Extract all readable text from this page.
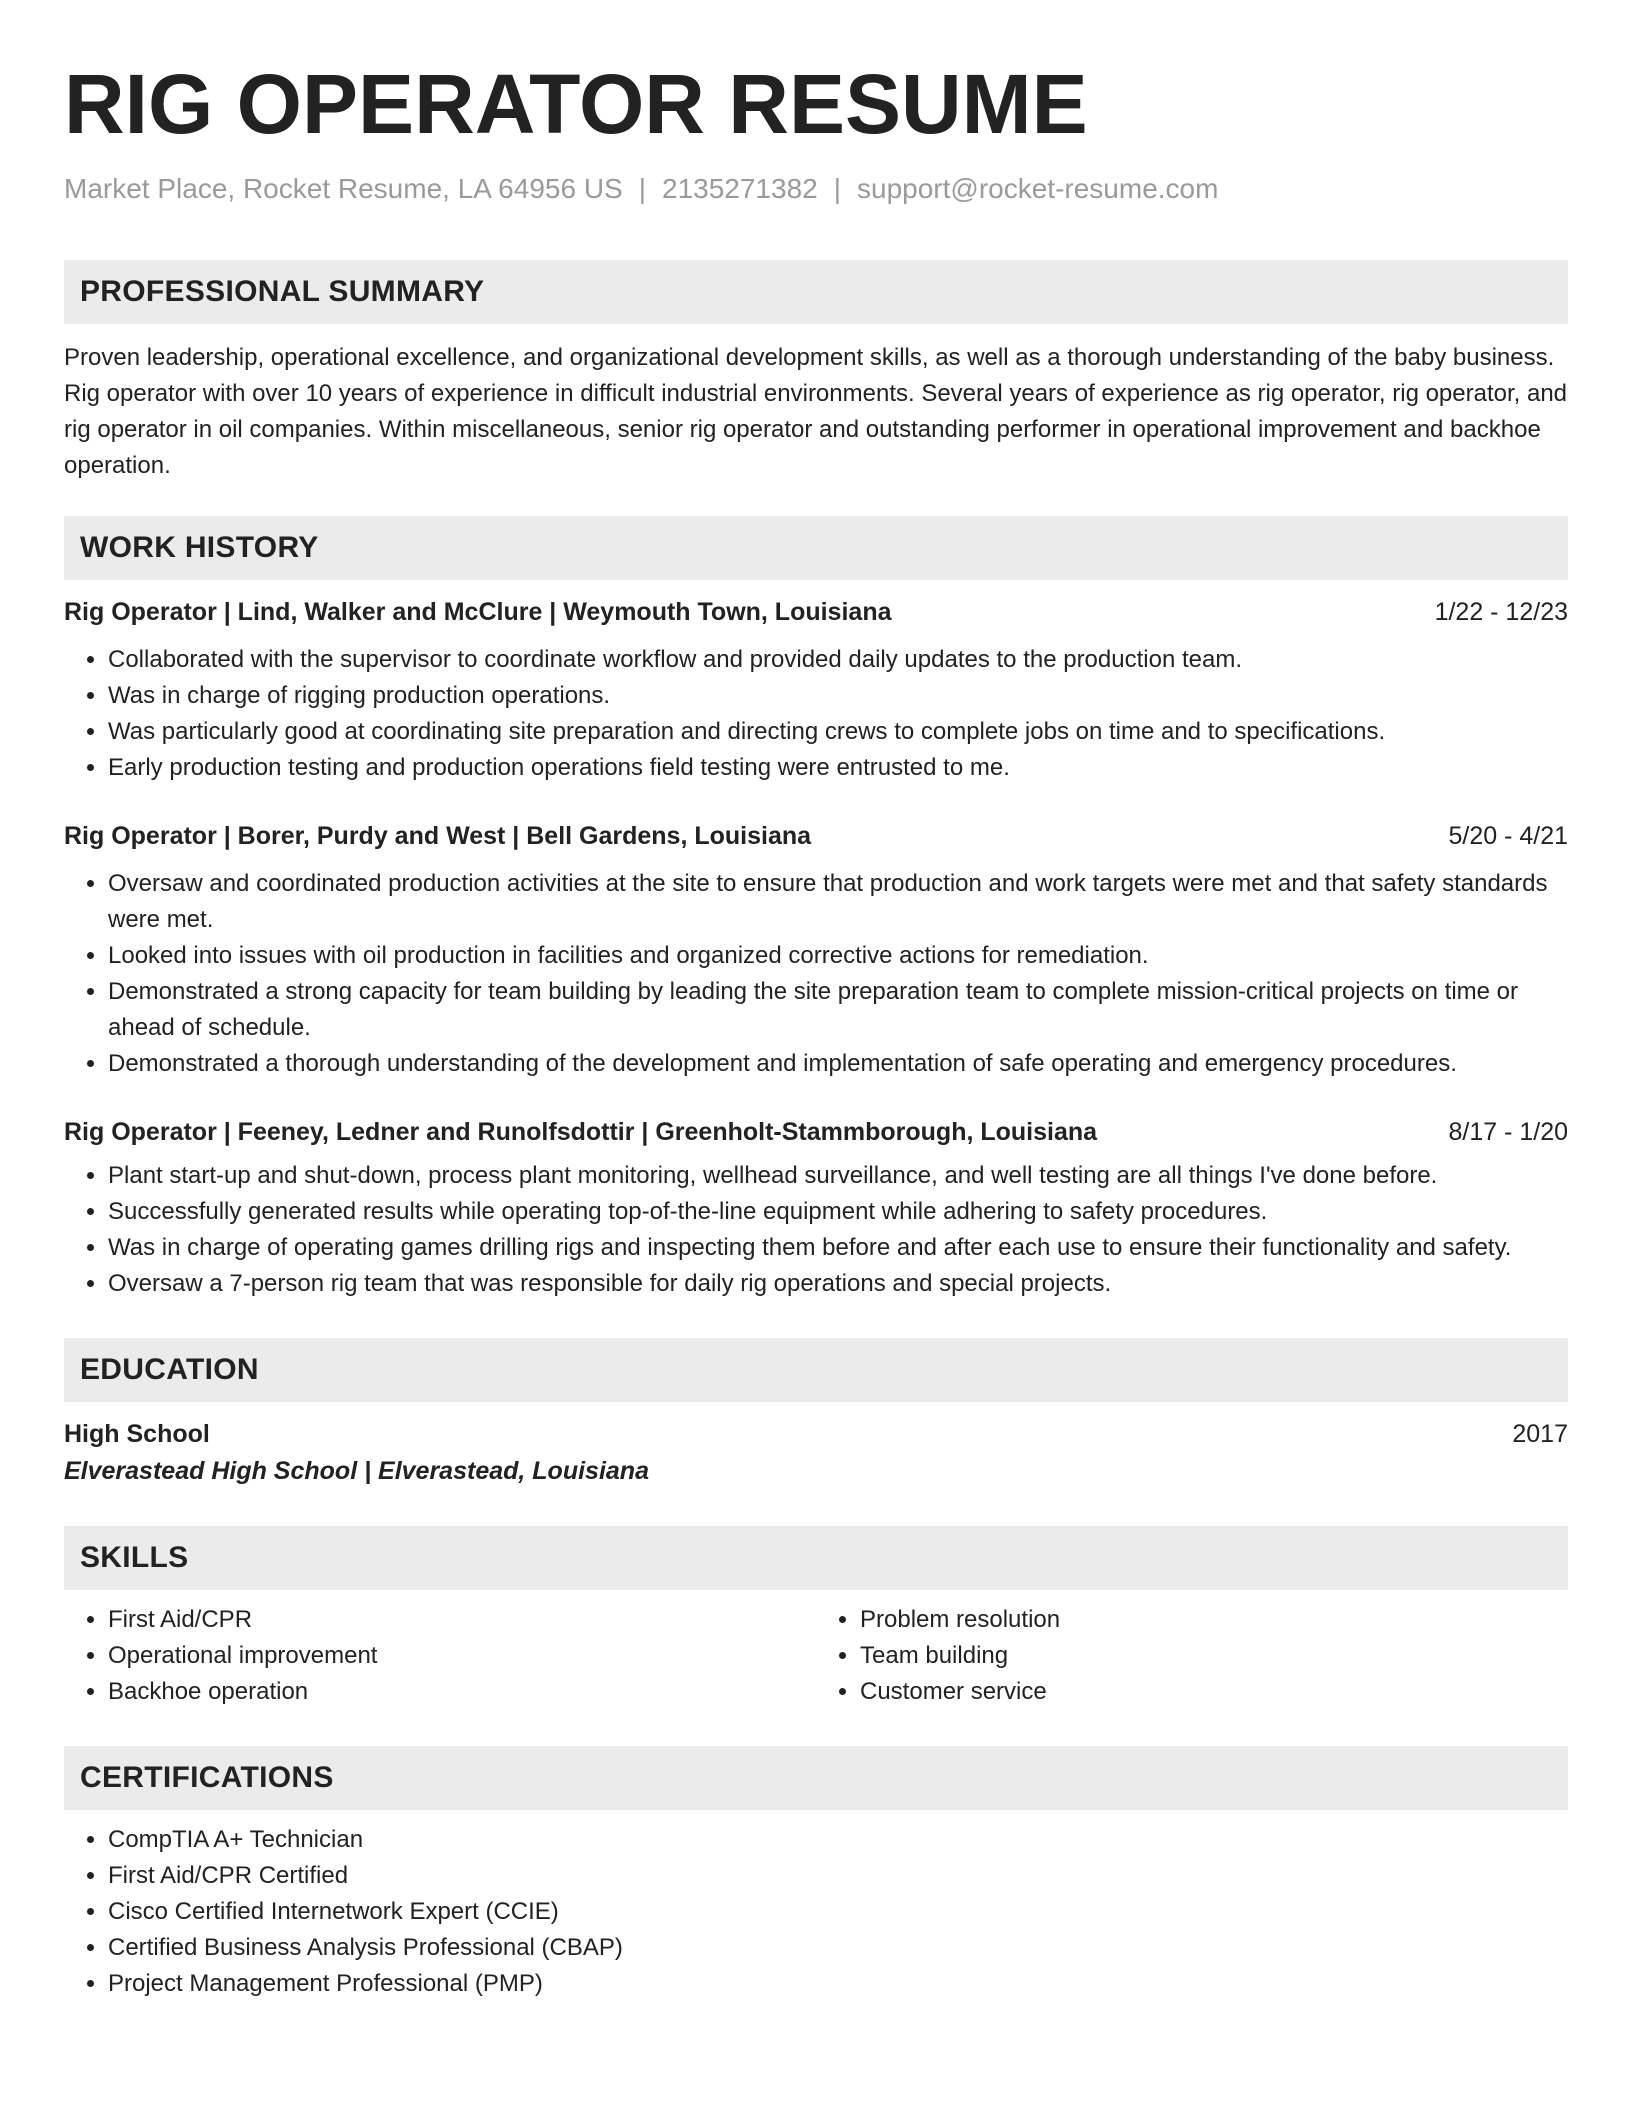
RIG OPERATOR RESUME
Market Place, Rocket Resume, LA 64956 US | 2135271382 | support@rocket-resume.com
PROFESSIONAL SUMMARY

Proven leadership, operational excellence, and organizational development skills, as well as a thorough understanding of the baby business. Rig operator with over 10 years of experience in difficult industrial environments. Several years of experience as rig operator, rig operator, and rig operator in oil companies. Within miscellaneous, senior rig operator and outstanding performer in operational improvement and backhoe operation.

WORK HISTORY
Rig Operator | Lind, Walker and McClure | Weymouth Town, Louisiana	1/22 - 12/23
• Collaborated with the supervisor to coordinate workflow and provided daily updates to the production team.
• Was in charge of rigging production operations.
• Was particularly good at coordinating site preparation and directing crews to complete jobs on time and to specifications.
• Early production testing and production operations field testing were entrusted to me.
Rig Operator | Borer, Purdy and West | Bell Gardens, Louisiana	5/20 - 4/21
• Oversaw and coordinated production activities at the site to ensure that production and work targets were met and that safety standards were met.
• Looked into issues with oil production in facilities and organized corrective actions for remediation.
• Demonstrated a strong capacity for team building by leading the site preparation team to complete mission-critical projects on time or ahead of schedule.
• Demonstrated a thorough understanding of the development and implementation of safe operating and emergency procedures.
Rig Operator | Feeney, Ledner and Runolfsdottir | Greenholt-Stammborough, Louisiana	8/17 - 1/20
• Plant start-up and shut-down, process plant monitoring, wellhead surveillance, and well testing are all things I've done before.
• Successfully generated results while operating top-of-the-line equipment while adhering to safety procedures.
• Was in charge of operating games drilling rigs and inspecting them before and after each use to ensure their functionality and safety.
• Oversaw a 7-person rig team that was responsible for daily rig operations and special projects.
EDUCATION
High School	2017
Elverastead High School | Elverastead, Louisiana
SKILLS
• First Aid/CPR
• Operational improvement
• Backhoe operation
• Problem resolution
• Team building
• Customer service
CERTIFICATIONS
• CompTIA A+ Technician
• First Aid/CPR Certified
• Cisco Certified Internetwork Expert (CCIE)
• Certified Business Analysis Professional (CBAP)
• Project Management Professional (PMP)
